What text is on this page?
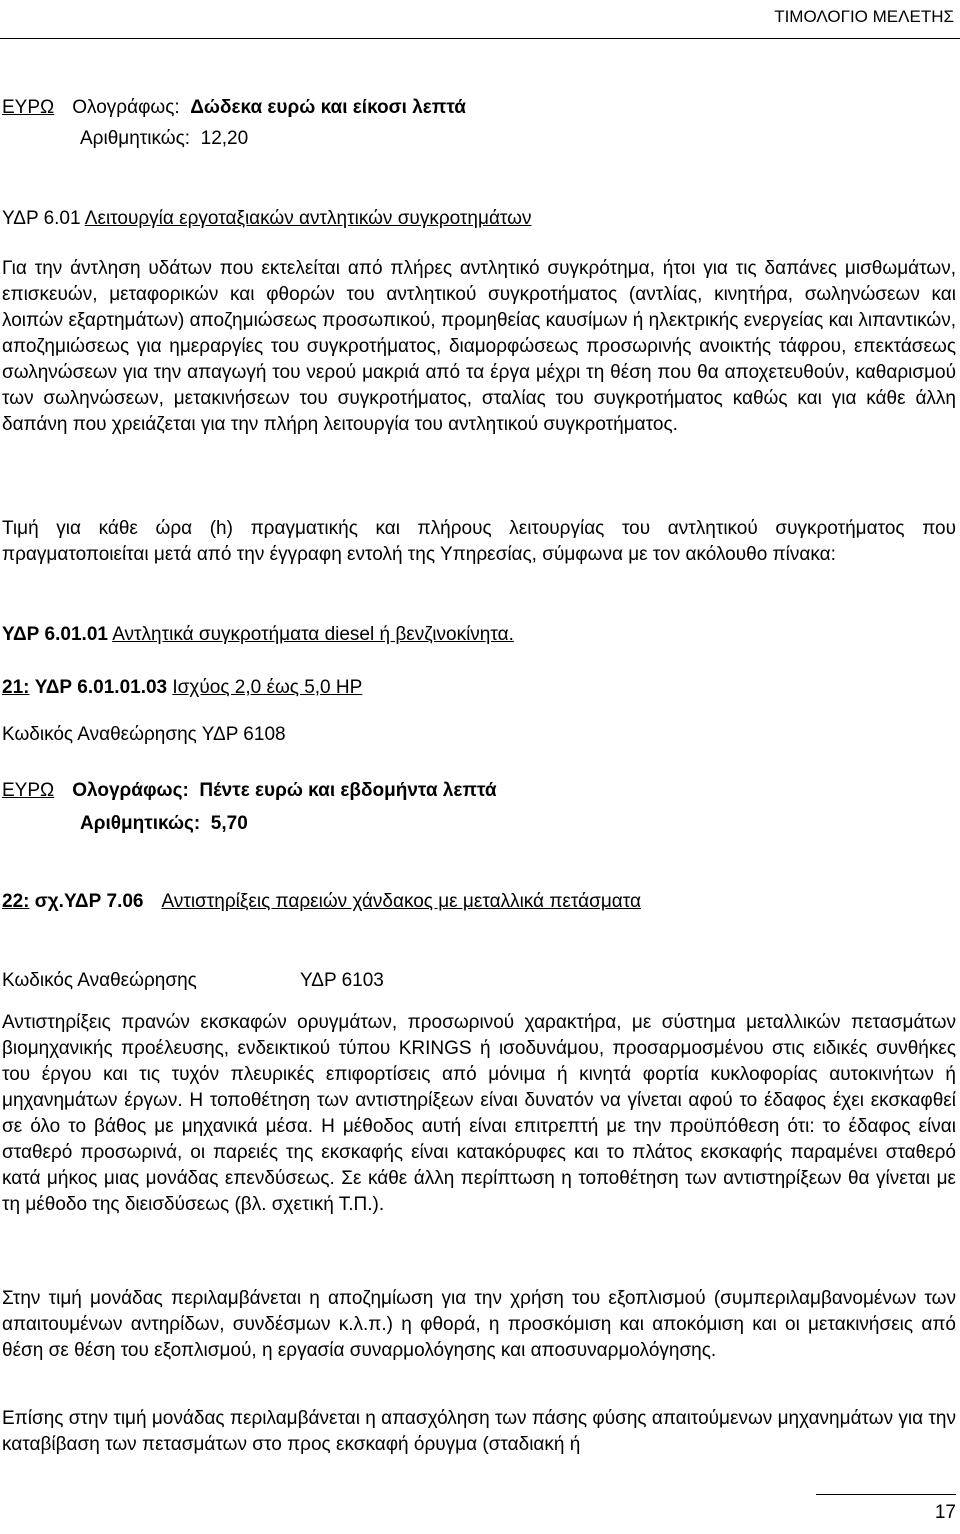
ΤΙΜΟΛΟΓΙΟ ΜΕΛΕΤΗΣ
ΕΥΡΩ Ολογράφως: Δώδεκα ευρώ και είκοσι λεπτά
Αριθμητικώς: 12,20
ΥΔΡ 6.01 Λειτουργία εργοταξιακών αντλητικών συγκροτημάτων
Για την άντληση υδάτων που εκτελείται από πλήρες αντλητικό συγκρότημα, ήτοι για τις δαπάνες μισθωμάτων, επισκευών, μεταφορικών και φθορών του αντλητικού συγκροτήματος (αντλίας, κινητήρα, σωληνώσεων και λοιπών εξαρτημάτων) αποζημιώσεως προσωπικού, προμηθείας καυσίμων ή ηλεκτρικής ενεργείας και λιπαντικών, αποζημιώσεως για ημεραργίες του συγκροτήματος, διαμορφώσεως προσωρινής ανοικτής τάφρου, επεκτάσεως σωληνώσεων για την απαγωγή του νερού μακριά από τα έργα μέχρι τη θέση που θα αποχετευθούν, καθαρισμού των σωληνώσεων, μετακινήσεων του συγκροτήματος, σταλίας του συγκροτήματος καθώς και για κάθε άλλη δαπάνη που χρειάζεται για την πλήρη λειτουργία του αντλητικού συγκροτήματος.
Τιμή για κάθε ώρα (h) πραγματικής και πλήρους λειτουργίας του αντλητικού συγκροτήματος που πραγματοποιείται μετά από την έγγραφη εντολή της Υπηρεσίας, σύμφωνα με τον ακόλουθο πίνακα:
ΥΔΡ 6.01.01 Αντλητικά συγκροτήματα diesel ή βενζινοκίνητα.
21: ΥΔΡ 6.01.01.03 Ισχύος 2,0 έως 5,0 HP
Κωδικός Αναθεώρησης ΥΔΡ 6108
ΕΥΡΩ Ολογράφως: Πέντε ευρώ και εβδομήντα λεπτά
Αριθμητικώς: 5,70
22: σχ.ΥΔΡ 7.06 Αντιστηρίξεις παρειών χάνδακος με μεταλλικά πετάσματα
Κωδικός Αναθεώρησης	ΥΔΡ 6103
Αντιστηρίξεις πρανών εκσκαφών ορυγμάτων, προσωρινού χαρακτήρα, με σύστημα μεταλλικών πετασμάτων βιομηχανικής προέλευσης, ενδεικτικού τύπου KRINGS ή ισοδυνάμου, προσαρμοσμένου στις ειδικές συνθήκες του έργου και τις τυχόν πλευρικές επιφορτίσεις από μόνιμα ή κινητά φορτία κυκλοφορίας αυτοκινήτων ή μηχανημάτων έργων. Η τοποθέτηση των αντιστηρίξεων είναι δυνατόν να γίνεται αφού το έδαφος έχει εκσκαφθεί σε όλο το βάθος με μηχανικά μέσα. Η μέθοδος αυτή είναι επιτρεπτή με την προϋπόθεση ότι: το έδαφος είναι σταθερό προσωρινά, οι παρειές της εκσκαφής είναι κατακόρυφες και το πλάτος εκσκαφής παραμένει σταθερό κατά μήκος μιας μονάδας επενδύσεως. Σε κάθε άλλη περίπτωση η τοποθέτηση των αντιστηρίξεων θα γίνεται με τη μέθοδο της διεισδύσεως (βλ. σχετική Τ.Π.).
Στην τιμή μονάδας περιλαμβάνεται η αποζημίωση για την χρήση του εξοπλισμού (συμπεριλαμβανομένων των απαιτουμένων αντηρίδων, συνδέσμων κ.λ.π.) η φθορά, η προσκόμιση και αποκόμιση και οι μετακινήσεις από θέση σε θέση του εξοπλισμού, η εργασία συναρμολόγησης και αποσυναρμολόγησης.
Επίσης στην τιμή μονάδας περιλαμβάνεται η απασχόληση των πάσης φύσης απαιτούμενων μηχανημάτων για την καταβίβαση των πετασμάτων στο προς εκσκαφή όρυγμα (σταδιακή ή
17
